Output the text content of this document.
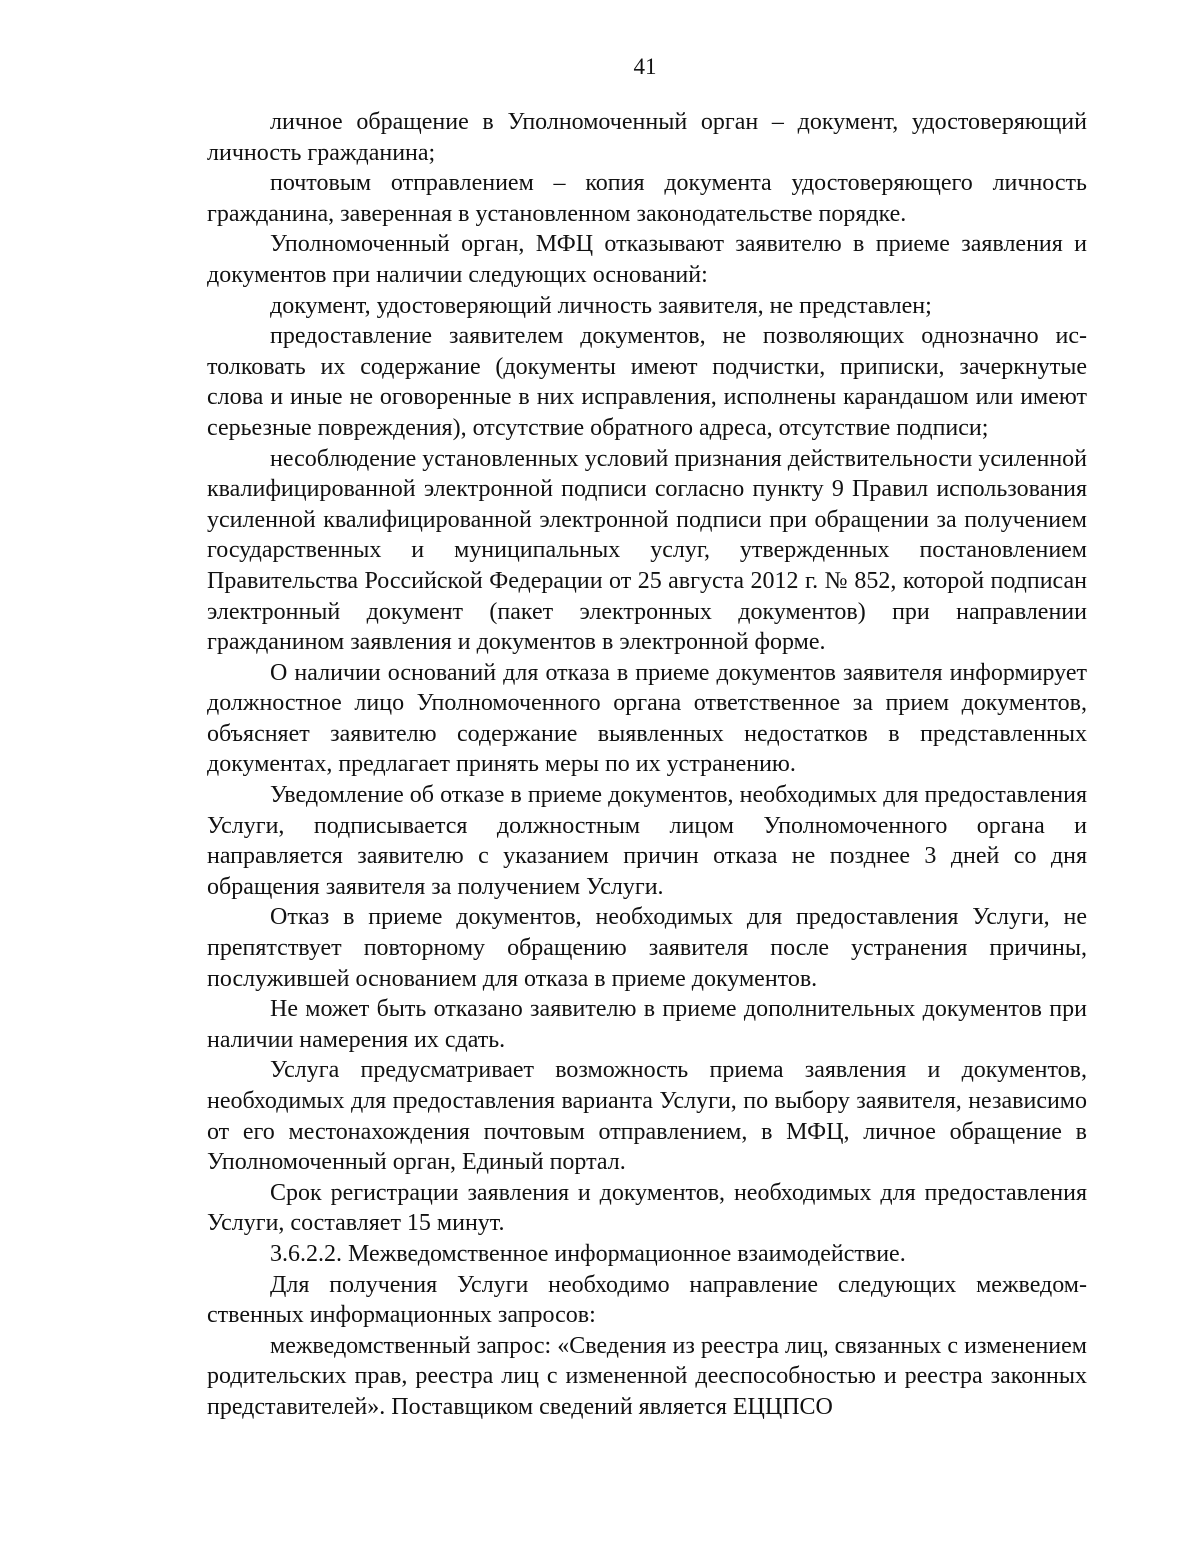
41

личное обращение в Уполномоченный орган – документ, удостоверяющий личность гражданина;

почтовым отправлением – копия документа удостоверяющего личность гражданина, заверенная в установленном законодательстве порядке.

Уполномоченный орган, МФЦ отказывают заявителю в приеме заявления и документов при наличии следующих оснований:

документ, удостоверяющий личность заявителя, не представлен;

предоставление заявителем документов, не позволяющих однозначно истолковать их содержание (документы имеют подчистки, приписки, зачеркнутые слова и иные не оговоренные в них исправления, исполнены карандашом или имеют серьезные повреждения), отсутствие обратного адреса, отсутствие подписи;

несоблюдение установленных условий признания действительности усиленной квалифицированной электронной подписи согласно пункту 9 Правил использования усиленной квалифицированной электронной подписи при обращении за получением государственных и муниципальных услуг, утвержденных постановлением Правительства Российской Федерации от 25 августа 2012 г. № 852, которой подписан электронный документ (пакет электронных документов) при направлении гражданином заявления и документов в электронной форме.

О наличии оснований для отказа в приеме документов заявителя информирует должностное лицо Уполномоченного органа ответственное за прием документов, объясняет заявителю содержание выявленных недостатков в представленных документах, предлагает принять меры по их устранению.

Уведомление об отказе в приеме документов, необходимых для предоставления Услуги, подписывается должностным лицом Уполномоченного органа и направляется заявителю с указанием причин отказа не позднее 3 дней со дня обращения заявителя за получением Услуги.

Отказ в приеме документов, необходимых для предоставления Услуги, не препятствует повторному обращению заявителя после устранения причины, послужившей основанием для отказа в приеме документов.

Не может быть отказано заявителю в приеме дополнительных документов при наличии намерения их сдать.

Услуга предусматривает возможность приема заявления и документов, необходимых для предоставления варианта Услуги, по выбору заявителя, независимо от его местонахождения почтовым отправлением, в МФЦ, личное обращение в Уполномоченный орган, Единый портал.

Срок регистрации заявления и документов, необходимых для предоставления Услуги, составляет 15 минут.

3.6.2.2. Межведомственное информационное взаимодействие.

Для получения Услуги необходимо направление следующих межведомственных информационных запросов:

межведомственный запрос: «Сведения из реестра лиц, связанных с изменением родительских прав, реестра лиц с измененной дееспособностью и реестра законных представителей». Поставщиком сведений является ЕЦЦПСО
